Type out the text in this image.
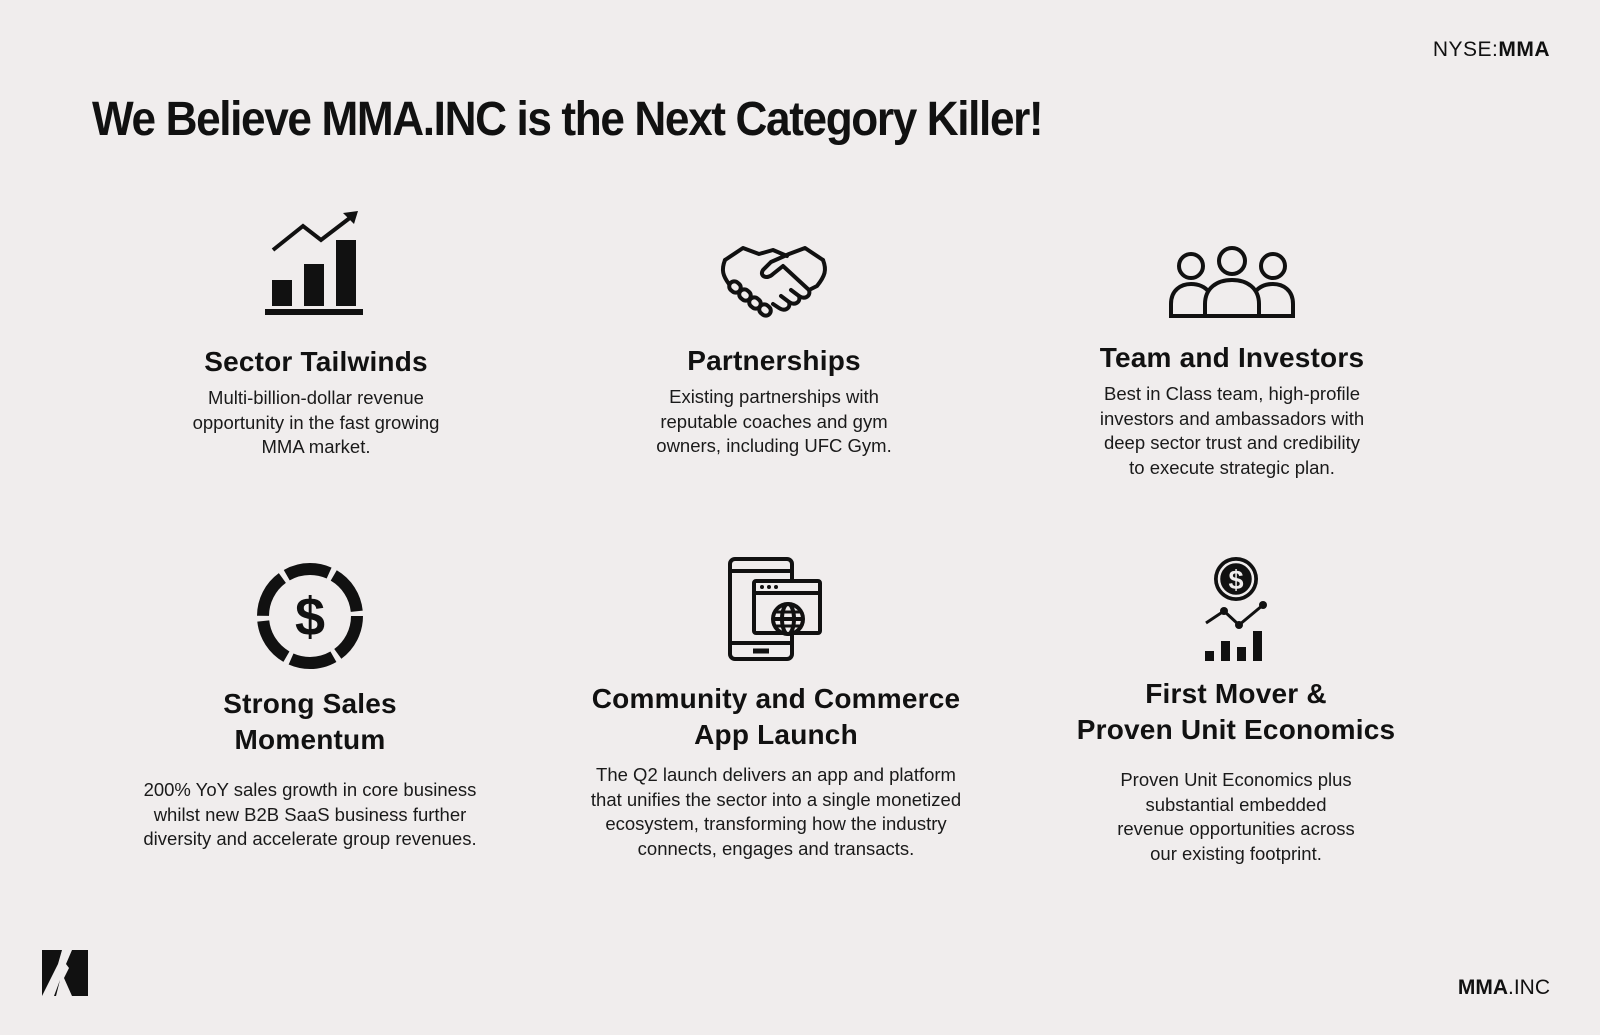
NYSE:MMA
We Believe MMA.INC is the Next Category Killer!
Sector Tailwinds

Multi-billion-dollar revenue

opportunity in the fast growing

MMA market.

Partnerships

Existing partnerships with

reputable coaches and gym

owners, including UFC Gym.

Team and Investors

Best in Class team, high-profile

investors and ambassadors with

deep sector trust and credibility

to execute strategic plan.

$
Strong Sales
Momentum

200% YoY sales growth in core business

whilst new B2B SaaS business further

diversity and accelerate group revenues.

Community and Commerce
App Launch

The Q2 launch delivers an app and platform

that unifies the sector into a single monetized

ecosystem, transforming how the industry

connects, engages and transacts.

$
First Mover &
Proven Unit Economics

Proven Unit Economics plus

substantial embedded

revenue opportunities across

our existing footprint.

MMA.INC
